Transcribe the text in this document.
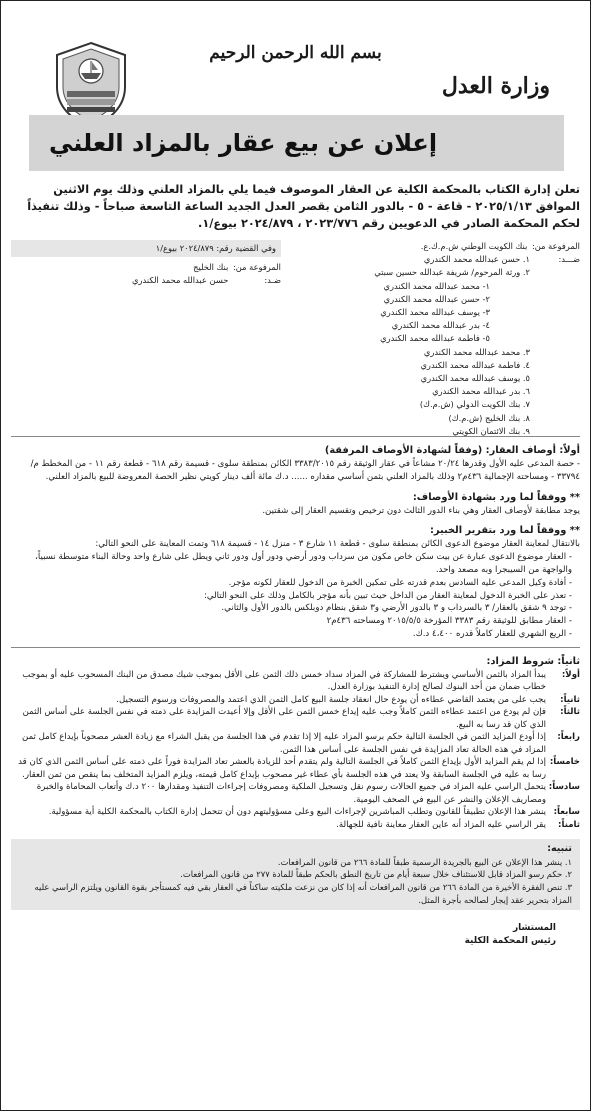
بسم الله الرحمن الرحيم
وزارة العدل
إعلان عن بيع عقار بالمزاد العلني
تعلن إدارة الكتاب بالمحكمة الكلية عن العقار الموصوف فيما يلي بالمزاد العلني وذلك يوم الاثنين الموافق ٢٠٢٥/١/١٣ - قاعة - ٥ - بالدور الثامن بقصر العدل الجديد الساعة التاسعة صباحاً - وذلك تنفيذاً لحكم المحكمة الصادر في الدعويين رقم ٢٠٢٣/٧٧٦ ، ٢٠٢٤/٨٧٩ بيوع/١.
المرفوعة من: بنك الكويت الوطني ش.م.ك.ع.
ضـــد:
١. حسن عبدالله محمد الكندري
٢. ورثة المرحوم/ شريفة عبدالله حسين سبتي
١- محمد عبدالله محمد الكندري
٢- حسن عبدالله محمد الكندري
٣- يوسف عبدالله محمد الكندري
٤- بدر عبدالله محمد الكندري
٥- فاطمة عبدالله محمد الكندري
٣. محمد عبدالله محمد الكندري
٤. فاطمة عبدالله محمد الكندري
٥. يوسف عبدالله محمد الكندري
٦. بدر عبدالله محمد الكندري
٧. بنك الكويت الدولي (ش.م.ك)
٨. بنك الخليج (ش.م.ك)
٩. بنك الائتمان الكويتي
وفي القضية رقم: ٢٠٢٤/٨٧٩ بيوع/١
المرفوعة من: بنك الخليج
ضـد: حسن عبدالله محمد الكندري
أولاً: أوصاف العقار: (وفقاً لشهادة الأوصاف المرفقة)
- حصة المدعى عليه الأول وقدرها ٢٠/٢٤ مشاعاً في عقار الوثيقة رقم ٣٣٨٣/٢٠١٥ الكائن بمنطقة سلوى - قسيمة رقم ٦١٨ - قطعة رقم ١١ - من المخطط م/٣٣٧٩٤ - ومساحته الإجمالية ٤٣٦م٢ وذلك بالمزاد العلني بثمن أساسي مقداره ...... د.ك مائة ألف دينار كويتي نظير الحصة المعروضة للبيع بالمزاد العلني.
** ووفقاً لما ورد بشهادة الأوصاف:
يوجد مطابقة لأوصاف العقار وهي بناء الدور الثالث دون ترخيص وتقسيم العقار إلى شقتين.
** ووفقاً لما ورد بتقرير الخبير:
بالانتقال لمعاينة العقار موضوع الدعوى الكائن بمنطقة سلوى - قطعة ١١ شارع ٣ - منزل ١٤ - قسيمة ٦١٨ وتمت المعاينة على النحو التالي:
- العقار موضوع الدعوى عبارة عن بيت سكن خاص مكون من سرداب ودور أرضي ودور أول ودور ثاني ويطل على شارع واحد وحالة البناء متوسطة نسبياً، والواجهة من السيبجرا وبه مصعد واحد.
- أفادة وكيل المدعى عليه السادس بعدم قدرته على تمكين الخبرة من الدخول للعقار لكونه مؤجر.
- تعذر على الخبرة الدخول لمعاينة العقار من الداخل حيث تبين بأنه مؤجر بالكامل وذلك على النحو التالي:
- توجد ٩ شقق بالعقار/ ٣ بالسرداب و ٣ بالدور الأرضي و٣ شقق بنظام دوبلكس بالدور الأول والثاني.
- العقار مطابق للوثيقة رقم ٣٣٨٣ المؤرخة ٢٠١٥/٥/٥ ومساحته ٤٣٦م٢
- الريع الشهري للعقار كاملاً قدره ٤،٤٠٠ د.ك.
ثانياً: شروط المزاد:
أولاً:
يبدأ المزاد بالثمن الأساسي ويشترط للمشاركة في المزاد سداد خمس ذلك الثمن على الأقل بموجب شيك مصدق من البنك المسحوب عليه أو بموجب خطاب ضمان من أحد البنوك لصالح إدارة التنفيذ بوزارة العدل.
ثانياً:
يجب على من يعتمد القاضي عطاءه أن يودع حال انعقاد جلسة البيع كامل الثمن الذي اعتمد والمصروفات ورسوم التسجيل.
ثالثاً:
فإن لم يودع من اعتمد عطاءه الثمن كاملاً وجب عليه إيداع خمس الثمن على الأقل وإلا أعيدت المزايدة على ذمته في نفس الجلسة على أساس الثمن الذي كان قد رسا به البيع.
رابعاً:
إذا أودع المزايد الثمن في الجلسة التالية حكم برسو المزاد عليه إلا إذا تقدم في هذا الجلسة من يقبل الشراء مع زيادة العشر مصحوباً بإيداع كامل ثمن المزاد في هذه الحالة تعاد المزايدة في نفس الجلسة على أساس هذا الثمن.
خامساً:
إذا لم يقم المزايد الأول بإيداع الثمن كاملاً في الجلسة التالية ولم يتقدم أحد للزيادة بالعشر تعاد المزايدة فوراً على ذمته على أساس الثمن الذي كان قد رسا به عليه في الجلسة السابقة ولا يعتد في هذه الجلسة بأي عطاء غير مصحوب بإيداع كامل قيمته، ويلزم المزايد المتخلف بما ينقص من ثمن العقار.
سادساً:
يتحمل الراسي عليه المزاد في جميع الحالات رسوم نقل وتسجيل الملكية ومصروفات إجراءات التنفيذ ومقدارها ٢٠٠ د.ك وأتعاب المحاماة والخبرة ومصاريف الإعلان والنشر عن البيع في الصحف اليومية.
سابعاً:
ينشر هذا الإعلان تطبيقاً للقانون وتطلب المباشرين لإجراءات البيع وعلى مسؤوليتهم دون أن تتحمل إدارة الكتاب بالمحكمة الكلية أية مسؤولية.
ثامناً:
يقر الراسي عليه المزاد أنه عاين العقار معاينة نافية للجهالة.
تنبيه:
١. ينشر هذا الإعلان عن البيع بالجريدة الرسمية طبقاً للمادة ٢٦٦ من قانون المرافعات.
٢. حكم رسو المزاد قابل للاستئناف خلال سبعة أيام من تاريخ النطق بالحكم طبقاً للمادة ٢٧٧ من قانون المرافعات.
٣. تنص الفقرة الأخيرة من المادة ٢٦٦ من قانون المرافعات أنه إذا كان من نزعت ملكيته ساكناً في العقار بقي فيه كمستأجر بقوة القانون ويلتزم الراسي عليه المزاد بتحرير عقد إيجار لصالحه بأجرة المثل.
المستشار
رئيس المحكمة الكلية
